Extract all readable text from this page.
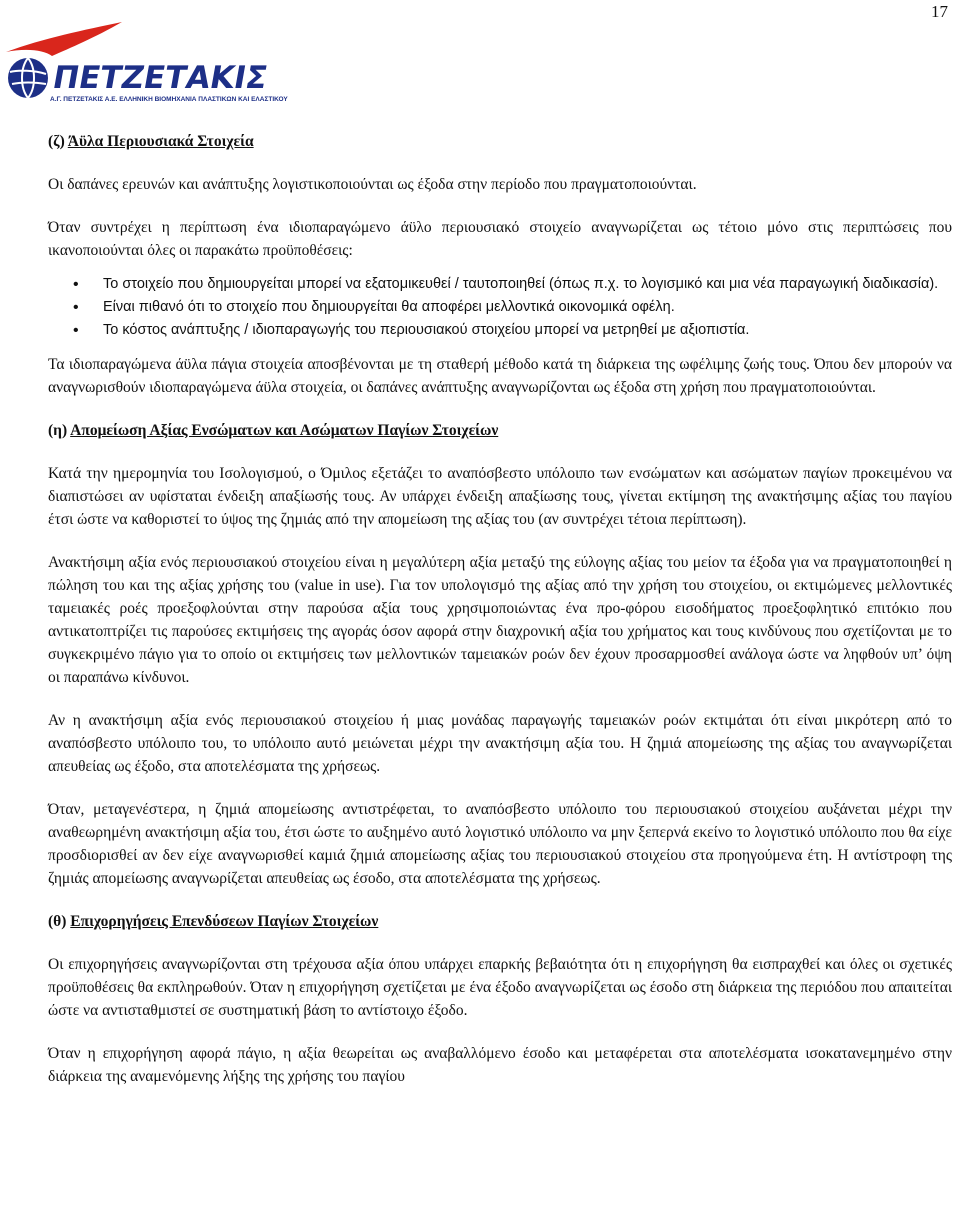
17
ΠΕΤΖΕΤΑΚΙΣ
Α.Γ. ΠΕΤΖΕΤΑΚΙΣ Α.Ε. ΕΛΛΗΝΙΚΗ ΒΙΟΜΗΧΑΝΙΑ ΠΛΑΣΤΙΚΩΝ ΚΑΙ ΕΛΑΣΤΙΚΟΥ
(ζ) Άϋλα Περιουσιακά Στοιχεία

Οι δαπάνες ερευνών και ανάπτυξης λογιστικοποιούνται ως έξοδα στην περίοδο που πραγματοποιούνται.

Όταν συντρέχει η περίπτωση ένα ιδιοπαραγώμενο άϋλο περιουσιακό στοιχείο αναγνωρίζεται ως τέτοιο μόνο στις περιπτώσεις που ικανοποιούνται όλες οι παρακάτω προϋποθέσεις:

• Το στοιχείο που δημιουργείται μπορεί να εξατομικευθεί / ταυτοποιηθεί (όπως π.χ. το λογισμικό και μια νέα παραγωγική διαδικασία).
• Είναι πιθανό ότι το στοιχείο που δημιουργείται θα αποφέρει μελλοντικά οικονομικά οφέλη.
• Το κόστος ανάπτυξης / ιδιοπαραγωγής του περιουσιακού στοιχείου μπορεί να μετρηθεί με αξιοπιστία.

Τα ιδιοπαραγώμενα άϋλα πάγια στοιχεία αποσβένονται με τη σταθερή μέθοδο κατά τη διάρκεια της ωφέλιμης ζωής τους. Όπου δεν μπορούν να αναγνωρισθούν ιδιοπαραγώμενα άϋλα στοιχεία, οι δαπάνες ανάπτυξης αναγνωρίζονται ως έξοδα στη χρήση που πραγματοποιούνται.

(η) Απομείωση Αξίας Ενσώματων και Ασώματων Παγίων Στοιχείων

Κατά την ημερομηνία του Ισολογισμού, ο Όμιλος εξετάζει το αναπόσβεστο υπόλοιπο των ενσώματων και ασώματων παγίων προκειμένου να διαπιστώσει αν υφίσταται ένδειξη απαξίωσής τους. Αν υπάρχει ένδειξη απαξίωσης τους, γίνεται εκτίμηση της ανακτήσιμης αξίας του παγίου έτσι ώστε να καθοριστεί το ύψος της ζημιάς από την απομείωση της αξίας του (αν συντρέχει τέτοια περίπτωση).

Ανακτήσιμη αξία ενός περιουσιακού στοιχείου είναι η μεγαλύτερη αξία μεταξύ της εύλογης αξίας του μείον τα έξοδα για να πραγματοποιηθεί η πώληση του και της αξίας χρήσης του (value in use). Για τον υπολογισμό της αξίας από την χρήση του στοιχείου, οι εκτιμώμενες μελλοντικές ταμειακές ροές προεξοφλούνται στην παρούσα αξία τους χρησιμοποιώντας ένα προ-φόρου εισοδήματος προεξοφλητικό επιτόκιο που αντικατοπτρίζει τις παρούσες εκτιμήσεις της αγοράς όσον αφορά στην διαχρονική αξία του χρήματος και τους κινδύνους που σχετίζονται με το συγκεκριμένο πάγιο για το οποίο οι εκτιμήσεις των μελλοντικών ταμειακών ροών δεν έχουν προσαρμοσθεί ανάλογα ώστε να ληφθούν υπ’ όψη οι παραπάνω κίνδυνοι.

Αν η ανακτήσιμη αξία ενός περιουσιακού στοιχείου ή μιας μονάδας παραγωγής ταμειακών ροών εκτιμάται ότι είναι μικρότερη από το αναπόσβεστο υπόλοιπο του, το υπόλοιπο αυτό μειώνεται μέχρι την ανακτήσιμη αξία του. Η ζημιά απομείωσης της αξίας του αναγνωρίζεται απευθείας ως έξοδο, στα αποτελέσματα της χρήσεως.

Όταν, μεταγενέστερα, η ζημιά απομείωσης αντιστρέφεται, το αναπόσβεστο υπόλοιπο του περιουσιακού στοιχείου αυξάνεται μέχρι την αναθεωρημένη ανακτήσιμη αξία του, έτσι ώστε το αυξημένο αυτό λογιστικό υπόλοιπο να μην ξεπερνά εκείνο το λογιστικό υπόλοιπο που θα είχε προσδιορισθεί αν δεν είχε αναγνωρισθεί καμιά ζημιά απομείωσης αξίας του περιουσιακού στοιχείου στα προηγούμενα έτη. Η αντίστροφη της ζημιάς απομείωσης αναγνωρίζεται απευθείας ως έσοδο, στα αποτελέσματα της χρήσεως.

(θ) Επιχορηγήσεις Επενδύσεων Παγίων Στοιχείων

Οι επιχορηγήσεις αναγνωρίζονται στη τρέχουσα αξία όπου υπάρχει επαρκής βεβαιότητα ότι η επιχορήγηση θα εισπραχθεί και όλες οι σχετικές προϋποθέσεις θα εκπληρωθούν. Όταν η επιχορήγηση σχετίζεται με ένα έξοδο αναγνωρίζεται ως έσοδο στη διάρκεια της περιόδου που απαιτείται ώστε να αντισταθμιστεί σε συστηματική βάση το αντίστοιχο έξοδο.

Όταν η επιχορήγηση αφορά πάγιο, η αξία θεωρείται ως αναβαλλόμενο έσοδο και μεταφέρεται στα αποτελέσματα ισοκατανεμημένο στην διάρκεια της αναμενόμενης λήξης της χρήσης του παγίου
